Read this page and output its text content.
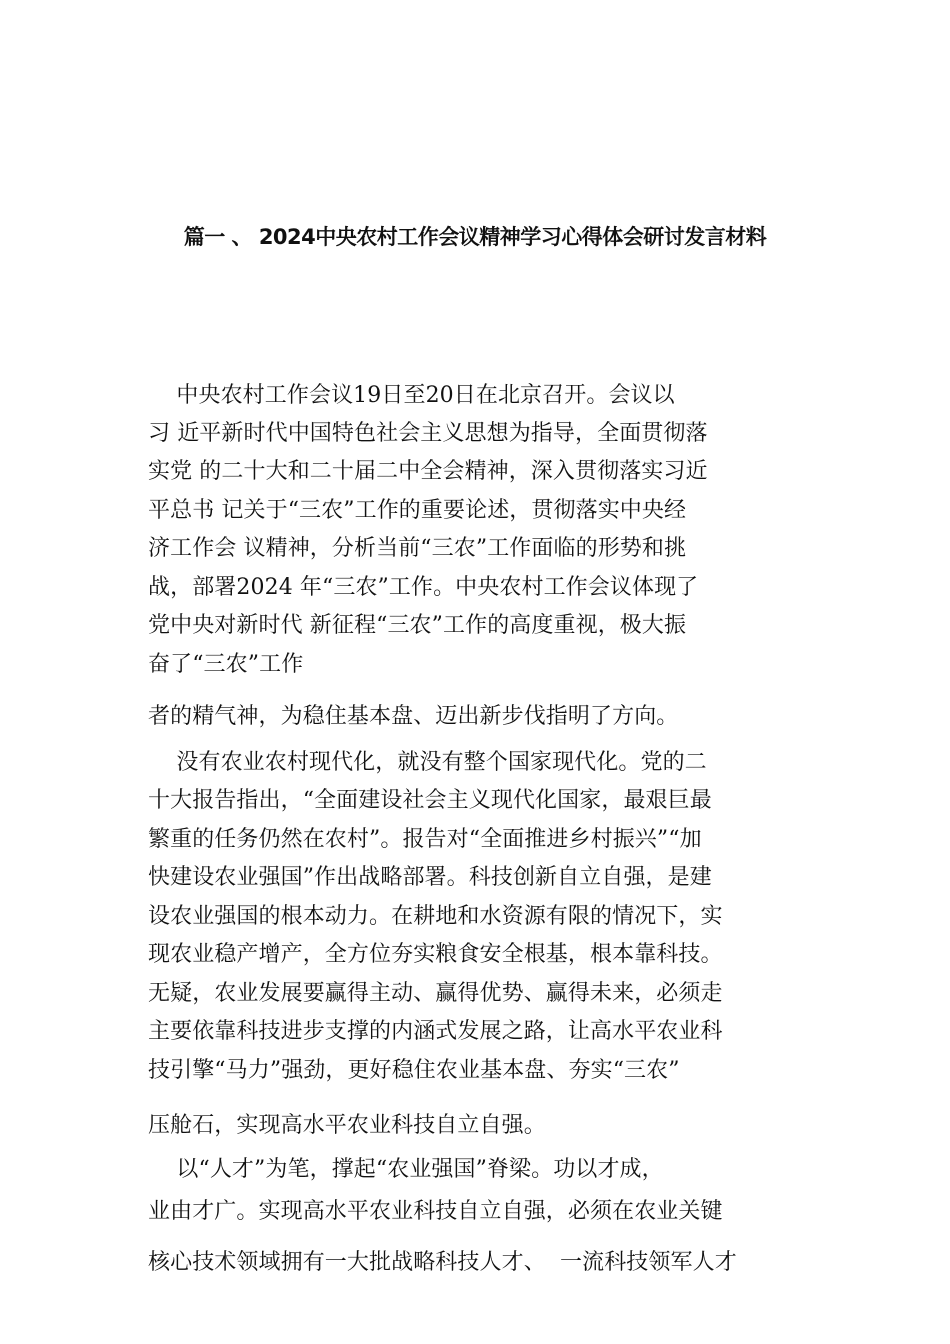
篇一 、 2024中央农村工作会议精神学习心得体会研讨发言材料
中央农村工作会议19日至20日在北京召开。会议以
习 近平新时代中国特色社会主义思想为指导，全面贯彻落
实党 的二十大和二十届二中全会精神，深入贯彻落实习近
平总书 记关于“三农”工作的重要论述，贯彻落实中央经
济工作会 议精神，分析当前“三农”工作面临的形势和挑
战，部署2024 年“三农”工作。中央农村工作会议体现了
党中央对新时代 新征程“三农”工作的高度重视，极大振
奋了“三农”工作
者的精气神，为稳住基本盘、迈出新步伐指明了方向。
没有农业农村现代化，就没有整个国家现代化。党的二
十大报告指出，“全面建设社会主义现代化国家，最艰巨最
繁重的任务仍然在农村”。报告对“全面推进乡村振兴”“加
快建设农业强国”作出战略部署。科技创新自立自强，是建
设农业强国的根本动力。在耕地和水资源有限的情况下，实
现农业稳产增产，全方位夯实粮食安全根基，根本靠科技。
无疑，农业发展要赢得主动、赢得优势、赢得未来，必须走
主要依靠科技进步支撑的内涵式发展之路，让高水平农业科
技引擎“马力”强劲，更好稳住农业基本盘、夯实“三农”
压舱石，实现高水平农业科技自立自强。
以“人才”为笔，撑起“农业强国”脊梁。功以才成，
业由才广。实现高水平农业科技自立自强，必须在农业关键
核心技术领域拥有一大批战略科技人才、  一流科技领军人才
